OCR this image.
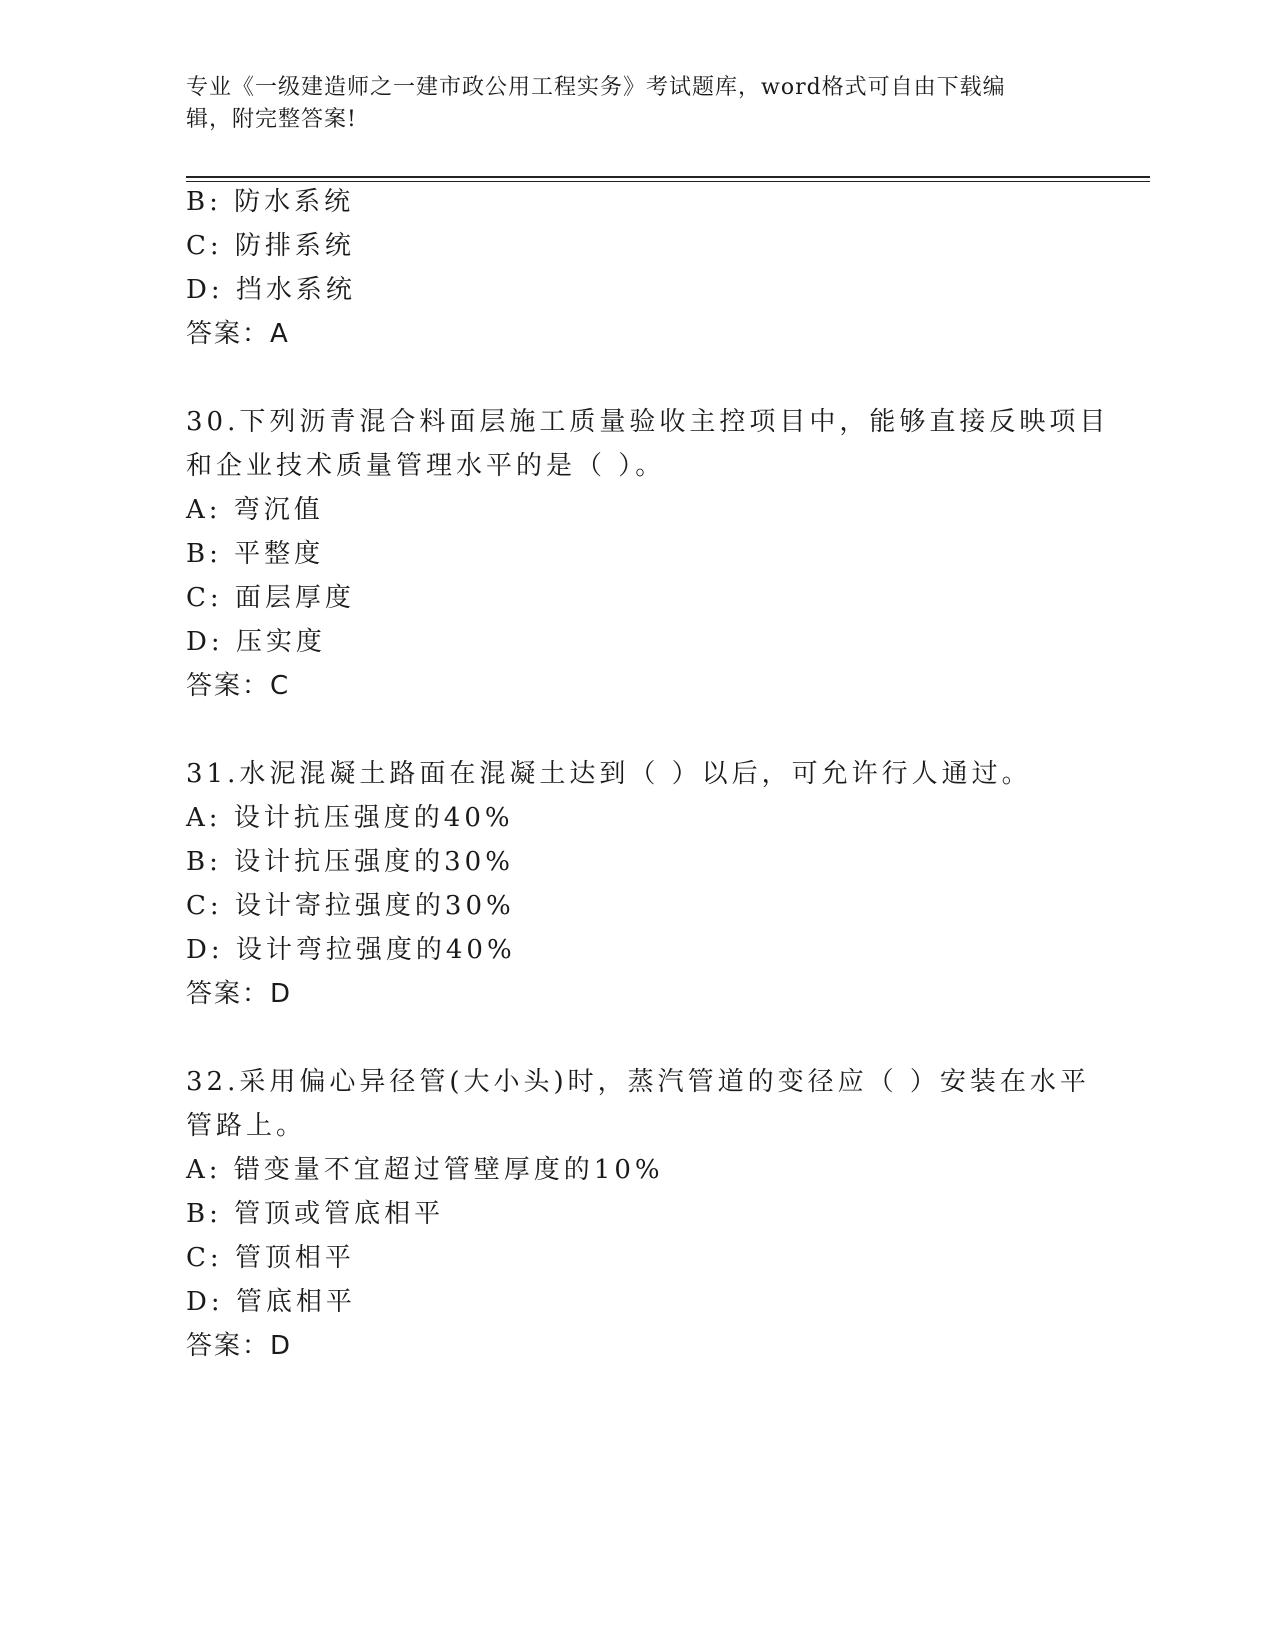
专业《一级建造师之一建市政公用工程实务》考试题库，word格式可自由下载编
辑，附完整答案!
B: 防水系统
C: 防排系统
D: 挡水系统
答案：A
30.下列沥青混合料面层施工质量验收主控项目中，能够直接反映项目
和企业技术质量管理水平的是（ ）。
A: 弯沉值
B: 平整度
C: 面层厚度
D: 压实度
答案：C
31.水泥混凝土路面在混凝土达到（ ）以后，可允许行人通过。
A: 设计抗压强度的40%
B: 设计抗压强度的30%
C: 设计寄拉强度的30%
D: 设计弯拉强度的40%
答案：D
32.采用偏心异径管(大小头)时，蒸汽管道的变径应（ ）安装在水平
管路上。
A: 错变量不宜超过管壁厚度的10%
B: 管顶或管底相平
C: 管顶相平
D: 管底相平
答案：D
